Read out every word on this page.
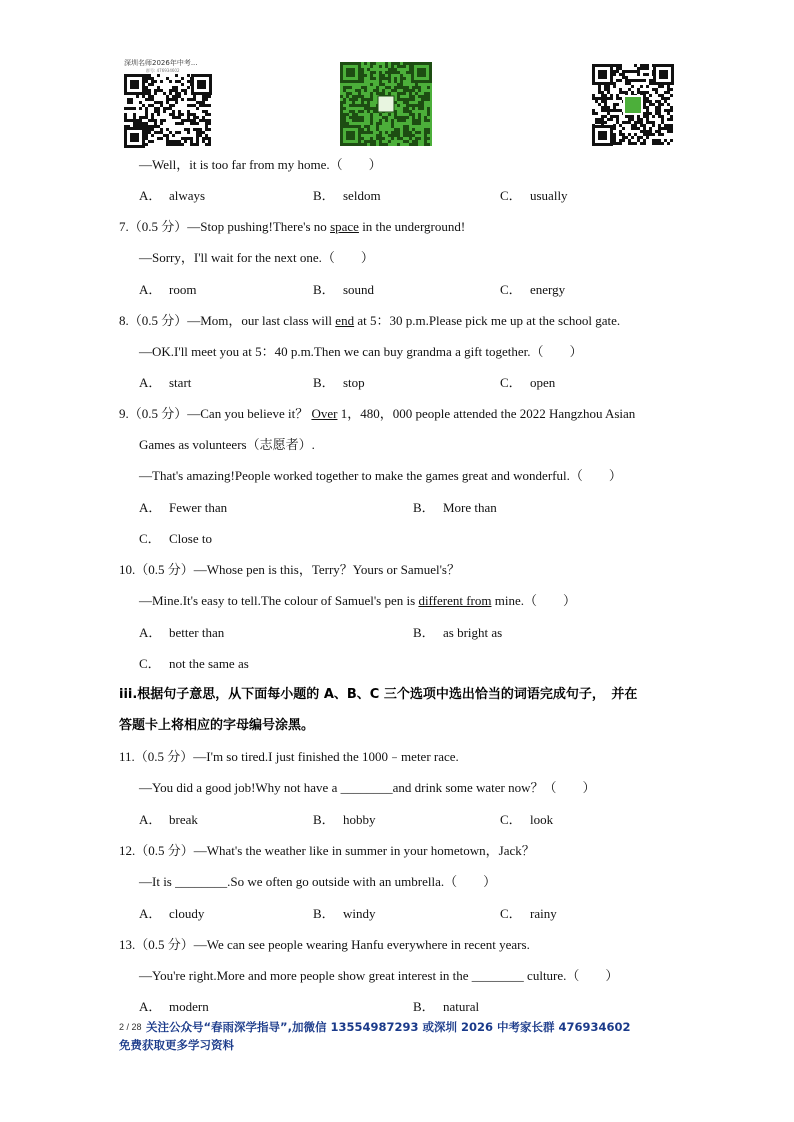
深圳名师2026年中考...
群号: 476934602
—Well，it is too far from my home.（　　）
A． always	B． seldom	C． usually
7.（0.5 分）—Stop pushing!There's no space in the underground!
—Sorry，I'll wait for the next one.（　　）
A． room	B． sound	C． energy
8.（0.5 分）—Mom，our last class will end at 5：30 p.m.Please pick me up at the school gate.
—OK.I'll meet you at 5：40 p.m.Then we can buy grandma a gift together.（　　）
A． start	B． stop	C． open
9.（0.5 分）—Can you believe it？ Over 1，480，000 people attended the 2022 Hangzhou Asian
Games as volunteers（志愿者）.
—That's amazing!People worked together to make the games great and wonderful.（　　）
A． Fewer than	B． More than
C． Close to
10.（0.5 分）—Whose pen is this，Terry？Yours or Samuel's？
—Mine.It's easy to tell.The colour of Samuel's pen is different from mine.（　　）
A． better than	B． as bright as
C． not the same as
iii.根据句子意思，从下面每小题的 A、B、C 三个选项中选出恰当的词语完成句子，　并在
答题卡上将相应的字母编号涂黑。
11.（0.5 分）—I'm so tired.I just finished the 1000﹣meter race.
—You did a good job!Why not have a ________and drink some water now？（　　）
A． break	B． hobby	C． look
12.（0.5 分）—What's the weather like in summer in your hometown，Jack？
—It is ________.So we often go outside with an umbrella.（　　）
A． cloudy	B． windy	C． rainy
13.（0.5 分）—We can see people wearing Hanfu everywhere in recent years.
—You're right.More and more people show great interest in the ________ culture.（　　）
A． modern	B． natural
2 / 28 关注公众号“春雨深学指导”,加微信 13554987293 或深圳 2026 中考家长群 476934602
免费获取更多学习资料
